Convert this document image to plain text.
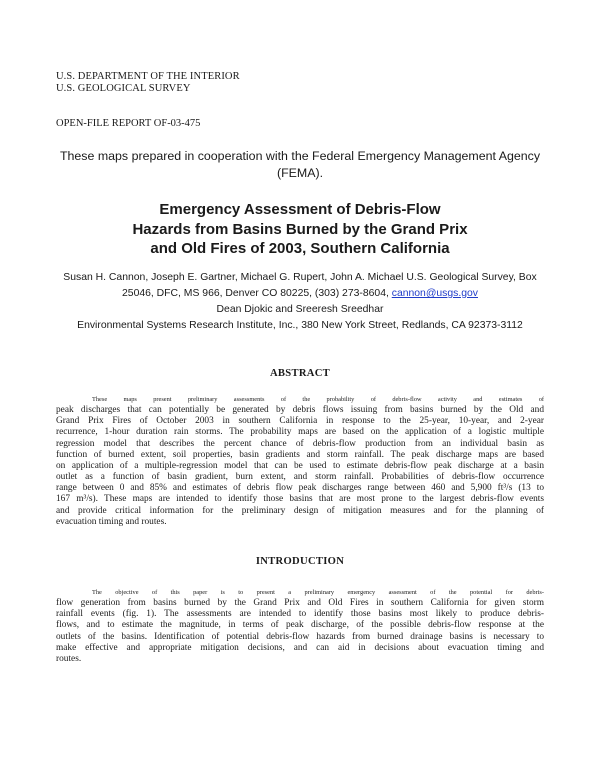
U.S. DEPARTMENT OF THE INTERIOR
U.S. GEOLOGICAL SURVEY
OPEN-FILE REPORT OF-03-475
These maps prepared in cooperation with the Federal Emergency Management Agency
(FEMA).
Emergency Assessment of Debris-Flow
Hazards from Basins Burned by the Grand Prix
and Old Fires of 2003, Southern California
Susan H. Cannon, Joseph E. Gartner, Michael G. Rupert, John A. Michael U.S. Geological Survey, Box
25046, DFC, MS 966, Denver CO 80225, (303) 273-8604, cannon@usgs.gov
Dean Djokic and Sreeresh Sreedhar
Environmental Systems Research Institute, Inc., 380 New York Street, Redlands, CA 92373-3112
ABSTRACT
These maps present preliminary assessments of the probability of debris-flow activity and estimates of
peak discharges that can potentially be generated by debris flows issuing from basins burned by the Old and
Grand Prix Fires of October 2003 in southern California in response to the 25-year, 10-year, and 2-year
recurrence, 1-hour duration rain storms. The probability maps are based on the application of a logistic multiple
regression model that describes the percent chance of debris-flow production from an individual basin as
function of burned extent, soil properties, basin gradients and storm rainfall. The peak discharge maps are based
on application of a multiple-regression model that can be used to estimate debris-flow peak discharge at a basin
outlet as a function of basin gradient, burn extent, and storm rainfall. Probabilities of debris-flow occurrence
range between 0 and 85% and estimates of debris flow peak discharges range between 460 and 5,900 ft³/s (13 to
167 m³/s). These maps are intended to identify those basins that are most prone to the largest debris-flow events
and provide critical information for the preliminary design of mitigation measures and for the planning of
evacuation timing and routes.
INTRODUCTION
The objective of this paper is to present a preliminary emergency assessment of the potential for debris-
flow generation from basins burned by the Grand Prix and Old Fires in southern California for given storm
rainfall events (fig. 1). The assessments are intended to identify those basins most likely to produce debris-
flows, and to estimate the magnitude, in terms of peak discharge, of the possible debris-flow response at the
outlets of the basins. Identification of potential debris-flow hazards from burned drainage basins is necessary to
make effective and appropriate mitigation decisions, and can aid in decisions about evacuation timing and
routes.
